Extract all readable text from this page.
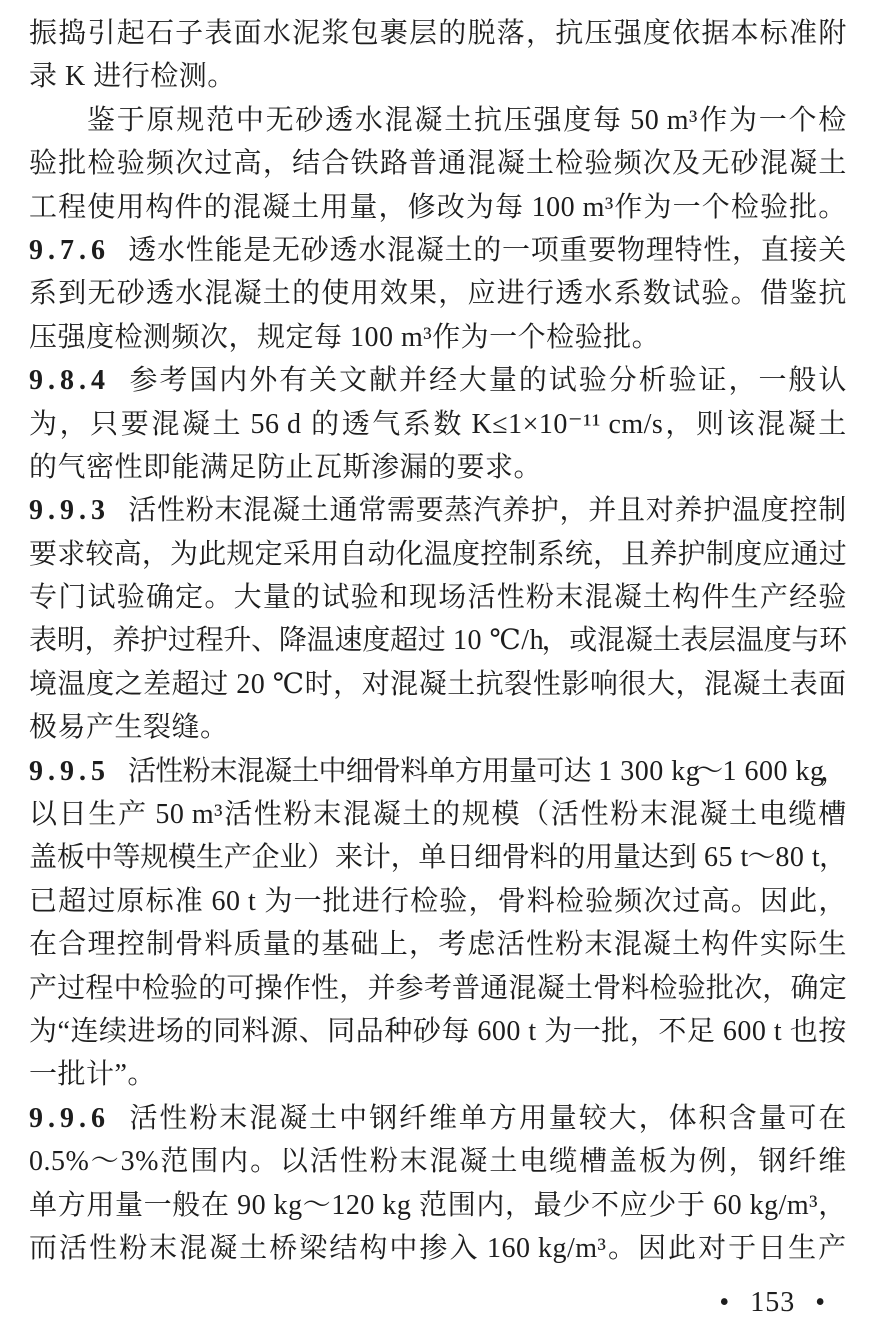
振 捣 引 起 石 子 表 面 水 泥 浆 包 裹 层 的 脱 落 ， 抗 压 强 度 依 据 本 标 准 附
录 K 进行检测。
鉴 于 原 规 范 中 无 砂 透 水 混 凝 土 抗 压 强 度 每 50 m³ 作 为 一 个 检
验 批 检 验 频 次 过 高 ， 结 合 铁 路 普 通 混 凝 土 检 验 频 次 及 无 砂 混 凝 土
工 程 使 用 构 件 的 混 凝 土 用 量 ， 修 改 为 每 100 m³ 作 为 一 个 检 验 批 。
9.7.6 透 水 性 能 是 无 砂 透 水 混 凝 土 的 一 项 重 要 物 理 特 性 ， 直 接 关
系 到 无 砂 透 水 混 凝 土 的 使 用 效 果 ， 应 进 行 透 水 系 数 试 验 。 借 鉴 抗
压强度检测频次，规定每 100 m³作为一个检验批。
9.8.4 参 考 国 内 外 有 关 文 献 并 经 大 量 的 试 验 分 析 验 证 ， 一 般 认
为 ， 只 要 混 凝 土 56 d 的 透 气 系 数 K≤1×10⁻¹¹ cm/s ， 则 该 混 凝 土
的气密性即能满足防止瓦斯渗漏的要求。
9.9.3 活 性 粉 末 混 凝 土 通 常 需 要 蒸 汽 养 护 ， 并 且 对 养 护 温 度 控 制
要 求 较 高 ， 为 此 规 定 采 用 自 动 化 温 度 控 制 系 统 ， 且 养 护 制 度 应 通 过
专 门 试 验 确 定 。 大 量 的 试 验 和 现 场 活 性 粉 末 混 凝 土 构 件 生 产 经 验
表 明 ， 养 护 过 程 升 、 降 温 速 度 超 过 10 ℃/h
， 或 混 凝 土 表 层 温 度 与 环
境 温 度 之 差 超 过 20 ℃ 时 ， 对 混 凝 土 抗 裂 性 影 响 很 大 ， 混 凝 土 表 面
极易产生裂缝。
9.9.5 活
性
粉
末
混
凝
土
中
细
骨
料
单
方
用
量
可
达
1 300 kg
～
1 600 kg
，
以 日 生 产 50 m³ 活 性 粉 末 混 凝 土 的 规 模 （ 活 性 粉 末 混 凝 土 电 缆 槽
盖 板 中 等 规 模 生 产 企 业 ） 来 计 ， 单 日 细 骨 料 的 用 量 达 到 65 t
～ 80 t
，
已 超 过 原 标 准 60 t 为 一 批 进 行 检 验 ， 骨 料 检 验 频 次 过 高 。 因 此 ，
在 合 理 控 制 骨 料 质 量 的 基 础 上 ， 考 虑 活 性 粉 末 混 凝 土 构 件 实 际 生
产 过 程 中 检 验 的 可 操 作 性 ， 并 参 考 普 通 混 凝 土 骨 料 检 验 批 次 ， 确 定
为 “ 连 续 进 场 的 同 料 源 、 同 品 种 砂 每 600 t 为 一 批 ， 不 足 600 t 也 按
一批计”。
9.9.6 活 性 粉 末 混 凝 土 中 钢 纤 维 单 方 用 量 较 大 ， 体 积 含 量 可 在
0.5% ～ 3% 范 围 内 。 以 活 性 粉 末 混 凝 土 电 缆 槽 盖 板 为 例 ， 钢 纤 维
单 方 用 量 一 般 在 90 kg ～ 120 kg 范 围 内 ， 最 少 不 应 少 于 60 kg/m³ ，
而 活 性 粉 末 混 凝 土 桥 梁 结 构 中 掺 入 160 kg/m³ 。 因 此 对 于 日 生 产
• 153 •
